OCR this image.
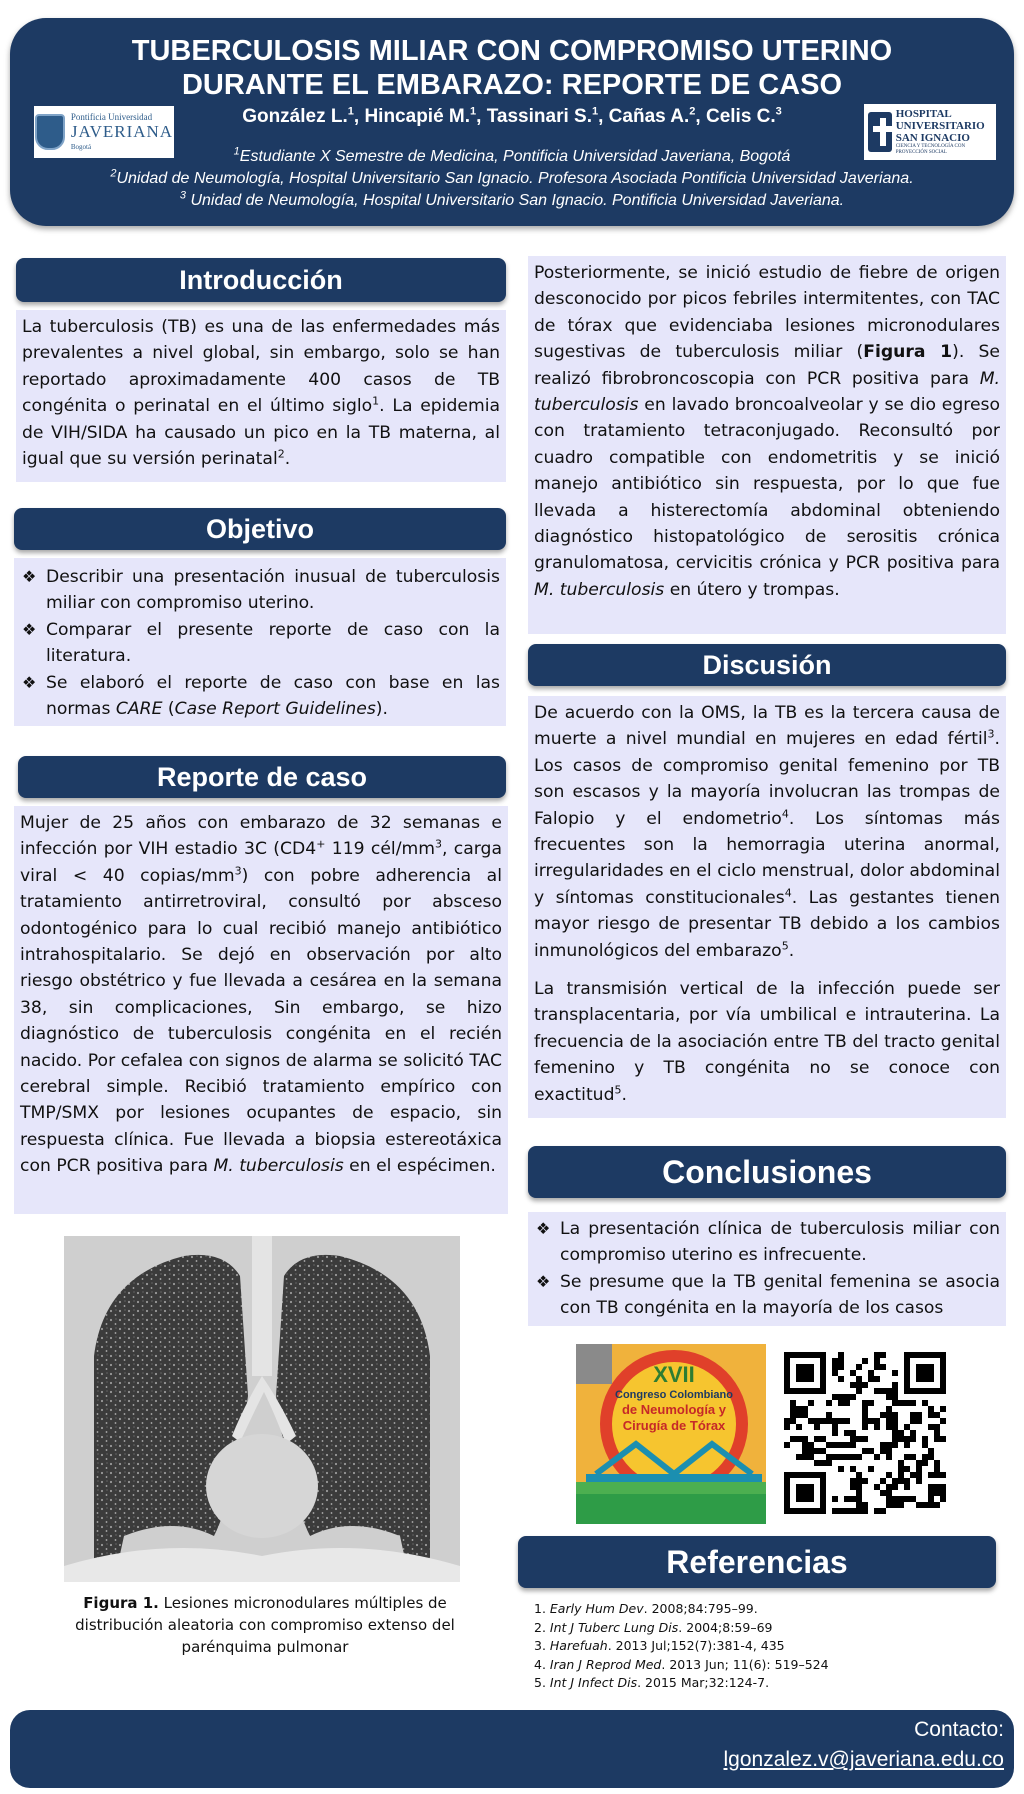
TUBERCULOSIS MILIAR CON COMPROMISO UTERINO
DURANTE EL EMBARAZO: REPORTE DE CASO
González L.$^1$, Hincapié M.$^1$, Tassinari S.$^1$, Cañas A.$^2$, Celis C.$^3$
$^1$Estudiante X Semestre de Medicina, Pontificia Universidad Javeriana, Bogotá
$^2$Unidad de Neumología, Hospital Universitario San Ignacio. Profesora Asociada Pontificia Universidad Javeriana.
$^3$ Unidad de Neumología, Hospital Universitario San Ignacio. Pontificia Universidad Javeriana.
Pontificia Universidad
JAVERIANA
Bogotá
HOSPITAL
UNIVERSITARIO
SAN IGNACIO
CIENCIA Y TECNOLOGÍA CON PROYECCIÓN SOCIAL
Introducción

La tuberculosis (TB) es una de las enfermedades más prevalentes a nivel global, sin embargo, solo se han reportado aproximadamente 400 casos de TB congénita o perinatal en el último siglo$^1$. La epidemia de VIH/SIDA ha causado un pico en la TB materna, al igual que su versión perinatal$^2$.

Objetivo
❖ Describir una presentación inusual de tuberculosis miliar con compromiso uterino.
❖ Comparar el presente reporte de caso con la literatura.
❖ Se elaboró el reporte de caso con base en las normas CARE (Case Report Guidelines).
Reporte de caso

Mujer de 25 años con embarazo de 32 semanas e infección por VIH estadio 3C (CD4+ 119 cél/$mm^3$, carga viral < 40 copias/$mm^3$) con pobre adherencia al tratamiento antirretroviral, consultó por absceso odontogénico para lo cual recibió manejo antibiótico intrahospitalario. Se dejó en observación por alto riesgo obstétrico y fue llevada a cesárea en la semana 38, sin complicaciones, Sin embargo, se hizo diagnóstico de tuberculosis congénita en el recién nacido. Por cefalea con signos de alarma se solicitó TAC cerebral simple. Recibió tratamiento empírico con TMP/SMX por lesiones ocupantes de espacio, sin respuesta clínica. Fue llevada a biopsia estereotáxica con PCR positiva para M. tuberculosis en el espécimen.

Figura 1. Lesiones micronodulares múltiples de distribución aleatoria con compromiso extenso del parénquima pulmonar

Posteriormente, se inició estudio de fiebre de origen desconocido por picos febriles intermitentes, con TAC de tórax que evidenciaba lesiones micronodulares sugestivas de tuberculosis miliar (Figura 1). Se realizó fibrobroncoscopia con PCR positiva para M. tuberculosis en lavado broncoalveolar y se dio egreso con tratamiento tetraconjugado. Reconsultó por cuadro compatible con endometritis y se inició manejo antibiótico sin respuesta, por lo que fue llevada a histerectomía abdominal obteniendo diagnóstico histopatológico de serositis crónica granulomatosa, cervicitis crónica y PCR positiva para M. tuberculosis en útero y trompas.

Discusión

De acuerdo con la OMS, la TB es la tercera causa de muerte a nivel mundial en mujeres en edad fértil$^3$. Los casos de compromiso genital femenino por TB son escasos y la mayoría involucran las trompas de Falopio y el endometrio$^4$. Los síntomas más frecuentes son la hemorragia uterina anormal, irregularidades en el ciclo menstrual, dolor abdominal y síntomas constitucionales$^4$. Las gestantes tienen mayor riesgo de presentar TB debido a los cambios inmunológicos del embarazo$^5$.

La transmisión vertical de la infección puede ser transplacentaria, por vía umbilical e intrauterina. La frecuencia de la asociación entre TB del tracto genital femenino y TB congénita no se conoce con exactitud$^5$.

Conclusiones
❖ La presentación clínica de tuberculosis miliar con compromiso uterino es infrecuente.
❖ Se presume que la TB genital femenina se asocia con TB congénita en la mayoría de los casos
XVII
Congreso Colombiano
de Neumología y
Cirugía de Tórax
Referencias
1. Early Hum Dev. 2008;84:795–99.
2. Int J Tuberc Lung Dis. 2004;8:59–69
3. Harefuah. 2013 Jul;152(7):381-4, 435
4. Iran J Reprod Med. 2013 Jun; 11(6): 519–524
5. Int J Infect Dis. 2015 Mar;32:124-7.
Contacto:
lgonzalez.v@javeriana.edu.co
